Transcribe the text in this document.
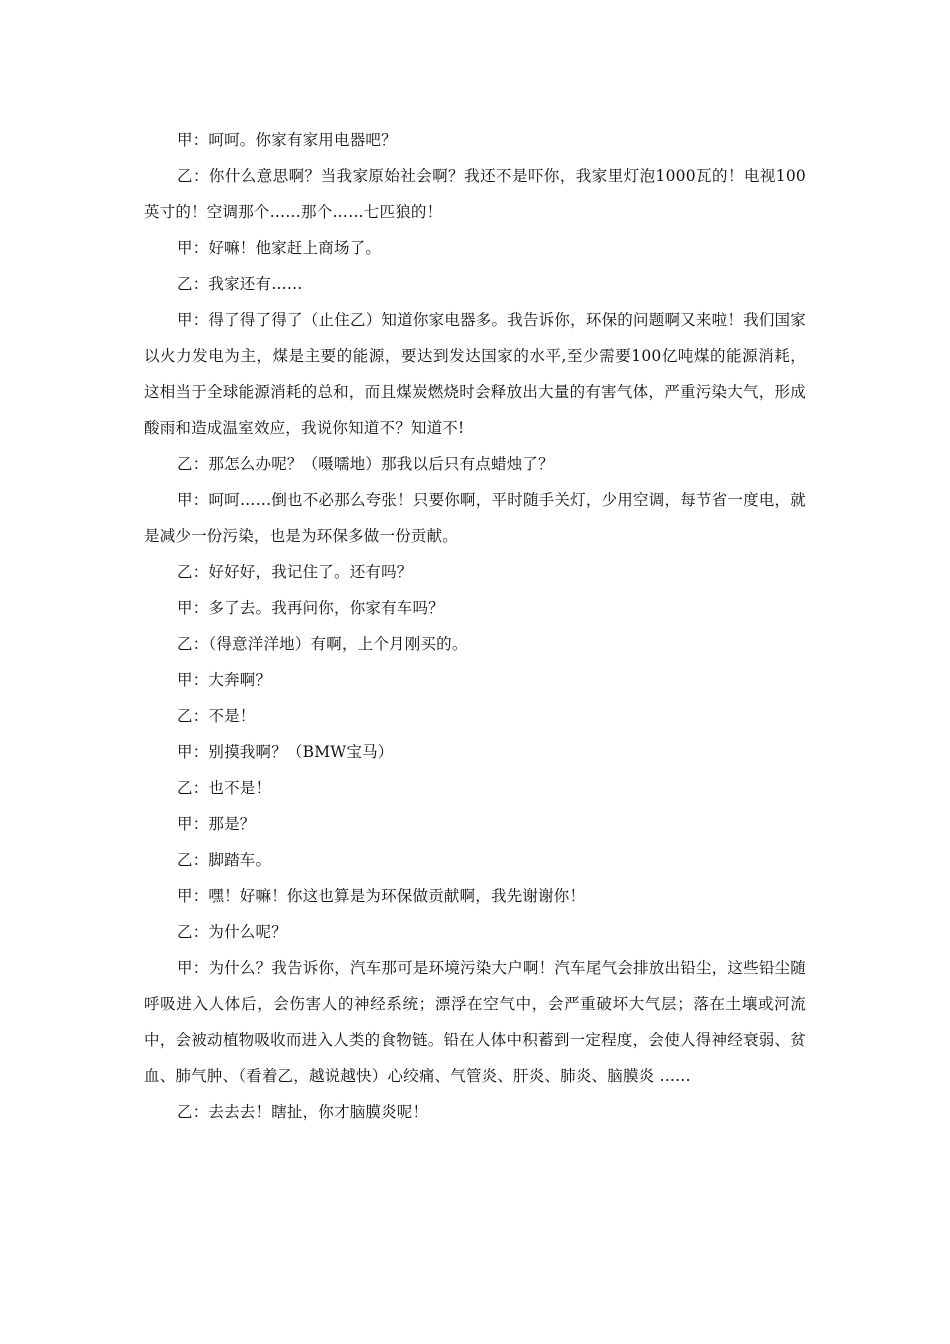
甲：呵呵。你家有家用电器吧？

乙：你什么意思啊？当我家原始社会啊？我还不是吓你，我家里灯泡1000瓦的！电视100英寸的！空调那个……那个……七匹狼的！

甲：好嘛！他家赶上商场了。

乙：我家还有……

甲：得了得了得了（止住乙）知道你家电器多。我告诉你，环保的问题啊又来啦！我们国家以火力发电为主，煤是主要的能源，要达到发达国家的水平,至少需要100亿吨煤的能源消耗，这相当于全球能源消耗的总和，而且煤炭燃烧时会释放出大量的有害气体，严重污染大气，形成酸雨和造成温室效应，我说你知道不？知道不!

乙：那怎么办呢？（嗫嚅地）那我以后只有点蜡烛了？

甲：呵呵……倒也不必那么夸张！只要你啊，平时随手关灯，少用空调，每节省一度电，就是减少一份污染，也是为环保多做一份贡献。

乙：好好好，我记住了。还有吗？

甲：多了去。我再问你，你家有车吗？

乙：（得意洋洋地）有啊，上个月刚买的。

甲：大奔啊？

乙：不是！

甲：别摸我啊？（BMW宝马）

乙：也不是！

甲：那是？

乙：脚踏车。

甲：嘿！好嘛！你这也算是为环保做贡献啊，我先谢谢你！

乙：为什么呢？

甲：为什么？我告诉你，汽车那可是环境污染大户啊！汽车尾气会排放出铅尘，这些铅尘随呼吸进入人体后，会伤害人的神经系统；漂浮在空气中，会严重破坏大气层；落在土壤或河流中，会被动植物吸收而进入人类的食物链。铅在人体中积蓄到一定程度，会使人得神经衰弱、贫血、肺气肿、（看着乙，越说越快）心绞痛、气管炎、肝炎、肺炎、脑膜炎 ……

乙：去去去！瞎扯，你才脑膜炎呢！
